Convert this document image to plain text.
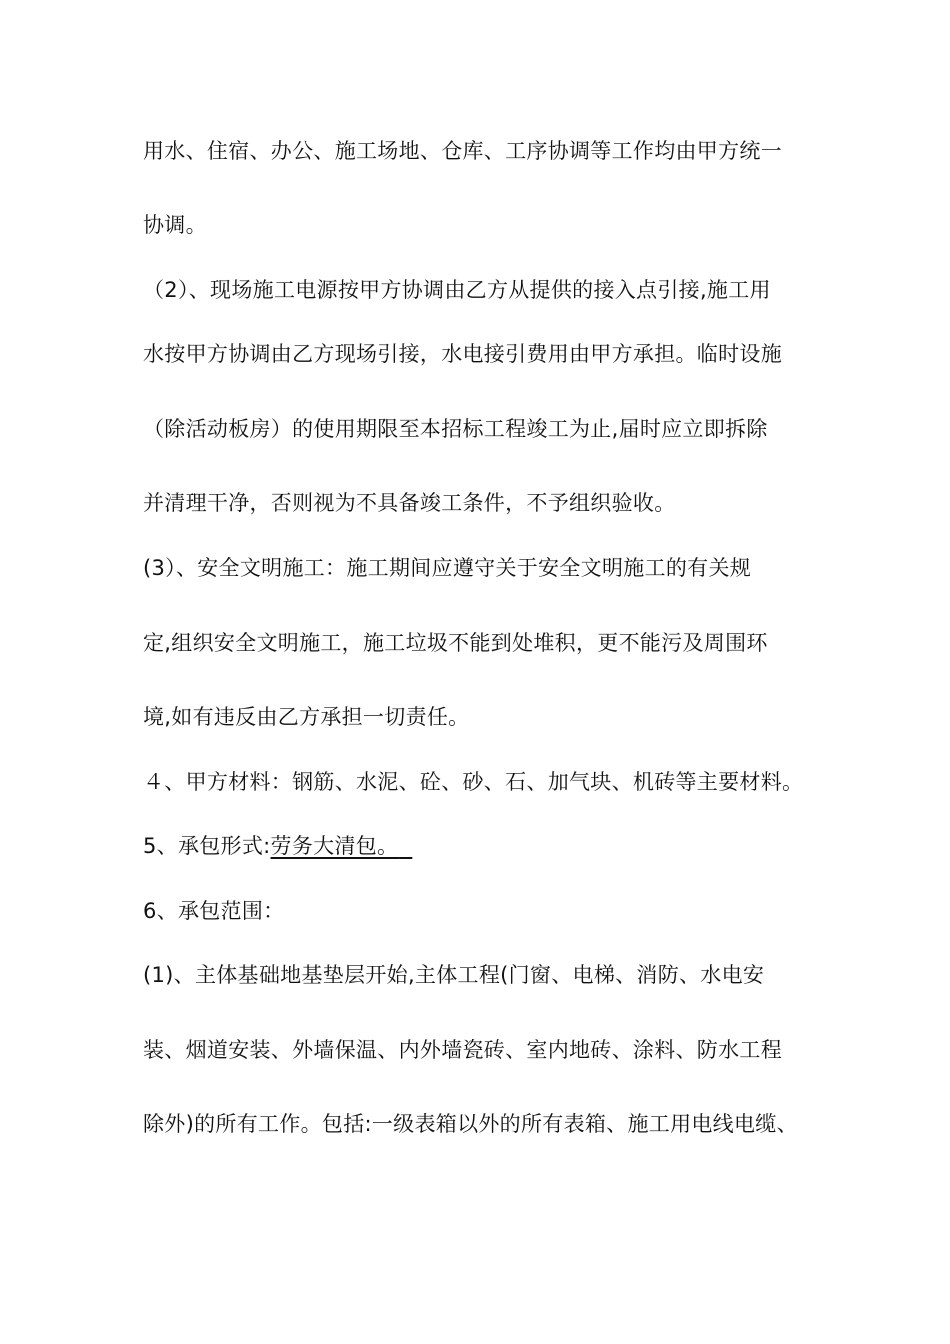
用水、住宿、办公、施工场地、仓库、工序协调等工作均由甲方统一
协调。
（2）、现场施工电源按甲方协调由乙方从提供的接入点引接,施工用
水按甲方协调由乙方现场引接，水电接引费用由甲方承担。临时设施
（除活动板房）的使用期限至本招标工程竣工为止,届时应立即拆除
并清理干净，否则视为不具备竣工条件，不予组织验收。
(3）、安全文明施工：施工期间应遵守关于安全文明施工的有关规
定,组织安全文明施工，施工垃圾不能到处堆积，更不能污及周围环
境,如有违反由乙方承担一切责任。
４、甲方材料：钢筋、水泥、砼、砂、石、加气块、机砖等主要材料。
5、承包形式:劳务大清包。
6、承包范围：
(1)、主体基础地基垫层开始,主体工程(门窗、电梯、消防、水电安
装、烟道安装、外墙保温、内外墙瓷砖、室内地砖、涂料、防水工程
除外)的所有工作。包括:一级表箱以外的所有表箱、施工用电线电缆、
